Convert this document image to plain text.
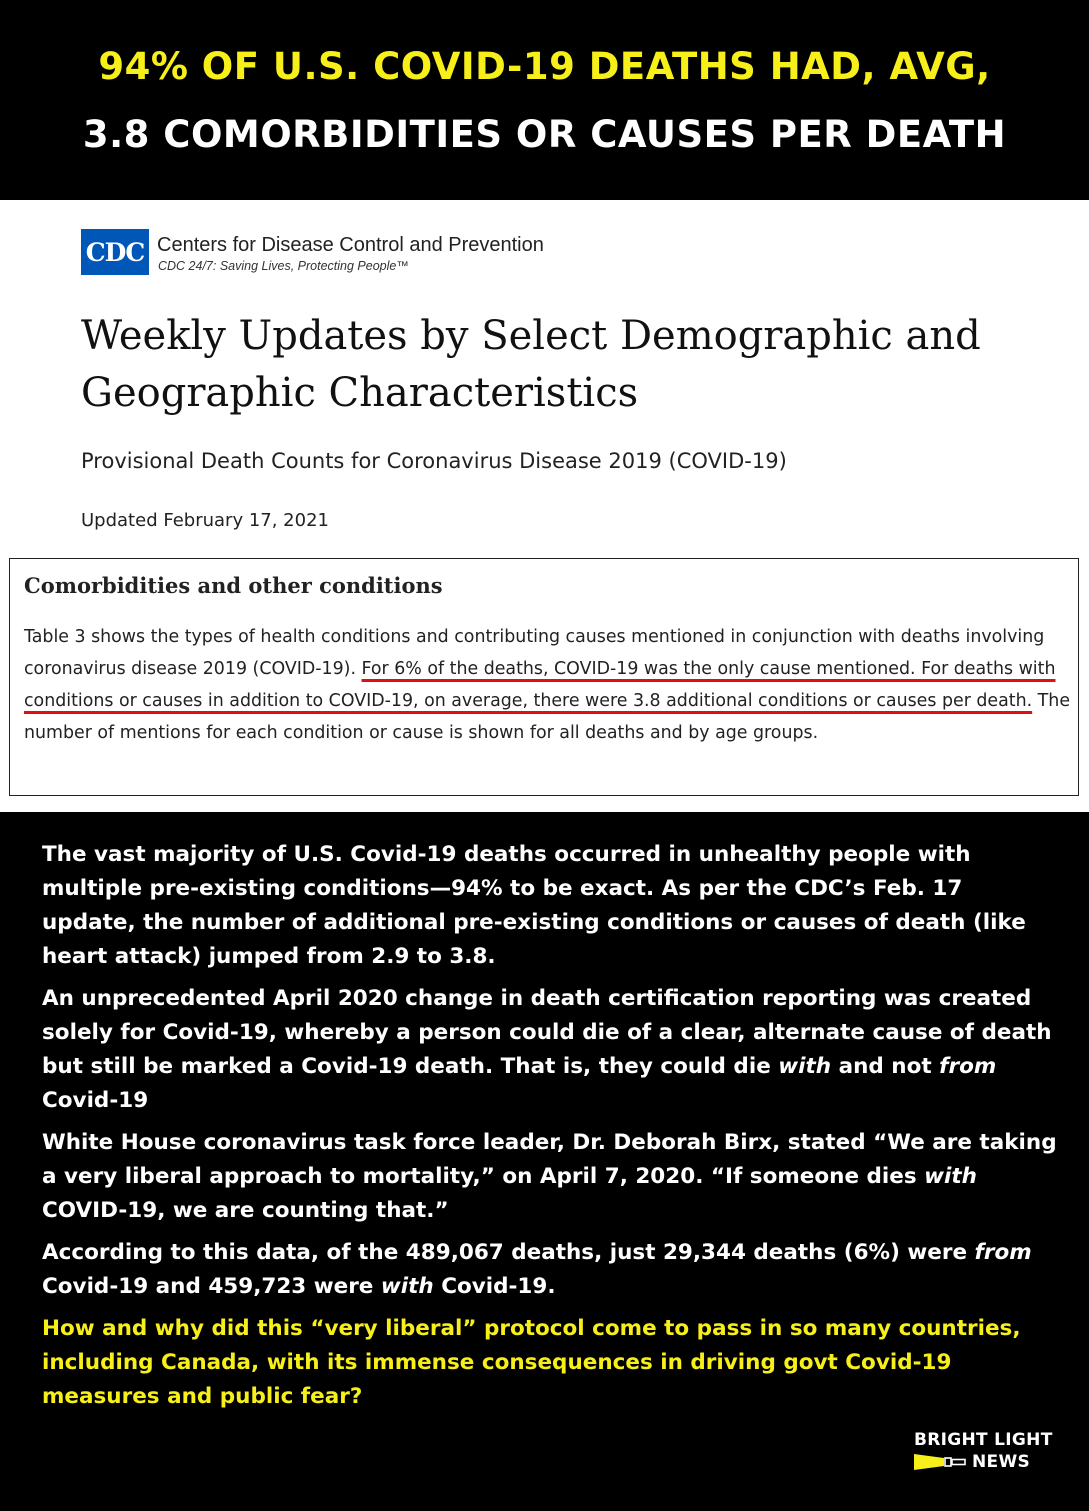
94% OF U.S. COVID-19 DEATHS HAD, AVG,
3.8 COMORBIDITIES OR CAUSES PER DEATH
CDC Centers for Disease Control and Prevention
CDC 24/7: Saving Lives, Protecting People™
Weekly Updates by Select Demographic and Geographic Characteristics
Provisional Death Counts for Coronavirus Disease 2019 (COVID-19)
Updated February 17, 2021
Comorbidities and other conditions
Table 3 shows the types of health conditions and contributing causes mentioned in conjunction with deaths involving coronavirus disease 2019 (COVID-19). For 6% of the deaths, COVID-19 was the only cause mentioned. For deaths with conditions or causes in addition to COVID-19, on average, there were 3.8 additional conditions or causes per death. The number of mentions for each condition or cause is shown for all deaths and by age groups.

The vast majority of U.S. Covid-19 deaths occurred in unhealthy people with multiple pre-existing conditions—94% to be exact. As per the CDC’s Feb. 17 update, the number of additional pre-existing conditions or causes of death (like heart attack) jumped from 2.9 to 3.8.

An unprecedented April 2020 change in death certification reporting was created solely for Covid-19, whereby a person could die of a clear, alternate cause of death but still be marked a Covid-19 death. That is, they could die with and not from Covid-19

White House coronavirus task force leader, Dr. Deborah Birx, stated “We are taking a very liberal approach to mortality,” on April 7, 2020. “If someone dies with COVID-19, we are counting that.”

According to this data, of the 489,067 deaths, just 29,344 deaths (6%) were from Covid-19 and 459,723 were with Covid-19.

How and why did this “very liberal” protocol come to pass in so many countries, including Canada, with its immense consequences in driving govt Covid-19 measures and public fear?

BRIGHT LIGHT
NEWS
